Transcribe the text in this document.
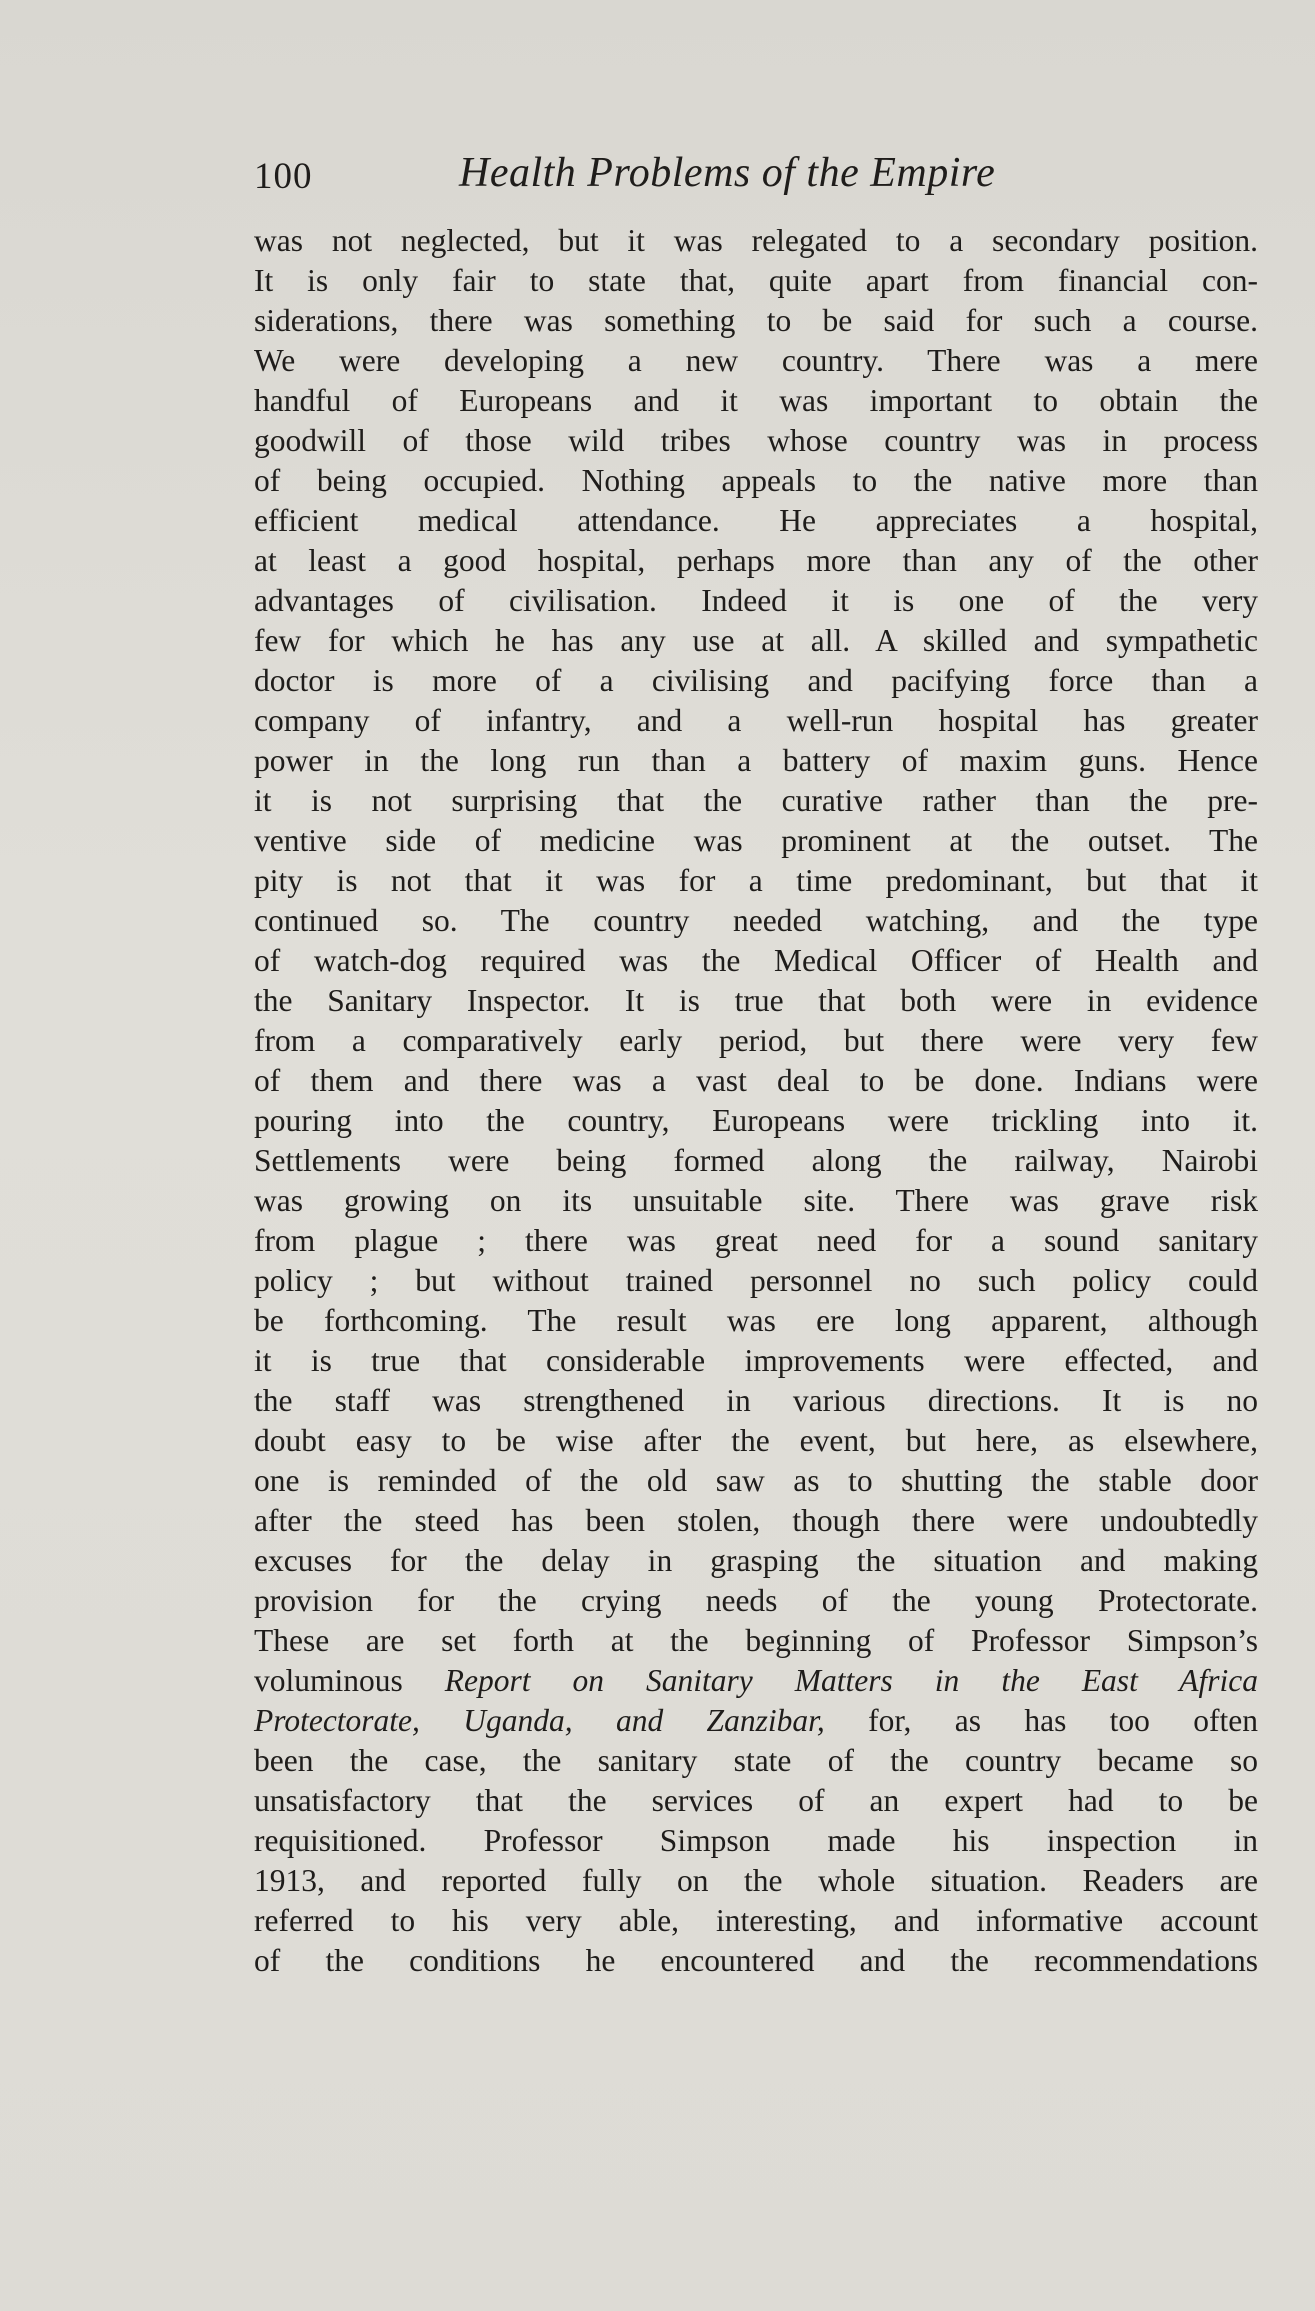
100	Health Problems of the Empire
was not neglected, but it was relegated to a secondary position.
It is only fair to state that, quite apart from financial con-
siderations, there was something to be said for such a course.
We were developing a new country. There was a mere
handful of Europeans and it was important to obtain the
goodwill of those wild tribes whose country was in process
of being occupied. Nothing appeals to the native more than
efficient medical attendance. He appreciates a hospital,
at least a good hospital, perhaps more than any of the other
advantages of civilisation. Indeed it is one of the very
few for which he has any use at all. A skilled and sympathetic
doctor is more of a civilising and pacifying force than a
company of infantry, and a well-run hospital has greater
power in the long run than a battery of maxim guns. Hence
it is not surprising that the curative rather than the pre-
ventive side of medicine was prominent at the outset. The
pity is not that it was for a time predominant, but that it
continued so. The country needed watching, and the type
of watch-dog required was the Medical Officer of Health and
the Sanitary Inspector. It is true that both were in evidence
from a comparatively early period, but there were very few
of them and there was a vast deal to be done. Indians were
pouring into the country, Europeans were trickling into it.
Settlements were being formed along the railway, Nairobi
was growing on its unsuitable site. There was grave risk
from plague ; there was great need for a sound sanitary
policy ; but without trained personnel no such policy could
be forthcoming. The result was ere long apparent, although
it is true that considerable improvements were effected, and
the staff was strengthened in various directions. It is no
doubt easy to be wise after the event, but here, as elsewhere,
one is reminded of the old saw as to shutting the stable door
after the steed has been stolen, though there were undoubtedly
excuses for the delay in grasping the situation and making
provision for the crying needs of the young Protectorate.
These are set forth at the beginning of Professor Simpson’s
voluminous Report on Sanitary Matters in the East Africa
Protectorate, Uganda, and Zanzibar, for, as has too often
been the case, the sanitary state of the country became so
unsatisfactory that the services of an expert had to be
requisitioned. Professor Simpson made his inspection in
1913, and reported fully on the whole situation. Readers are
referred to his very able, interesting, and informative account
of the conditions he encountered and the recommendations
